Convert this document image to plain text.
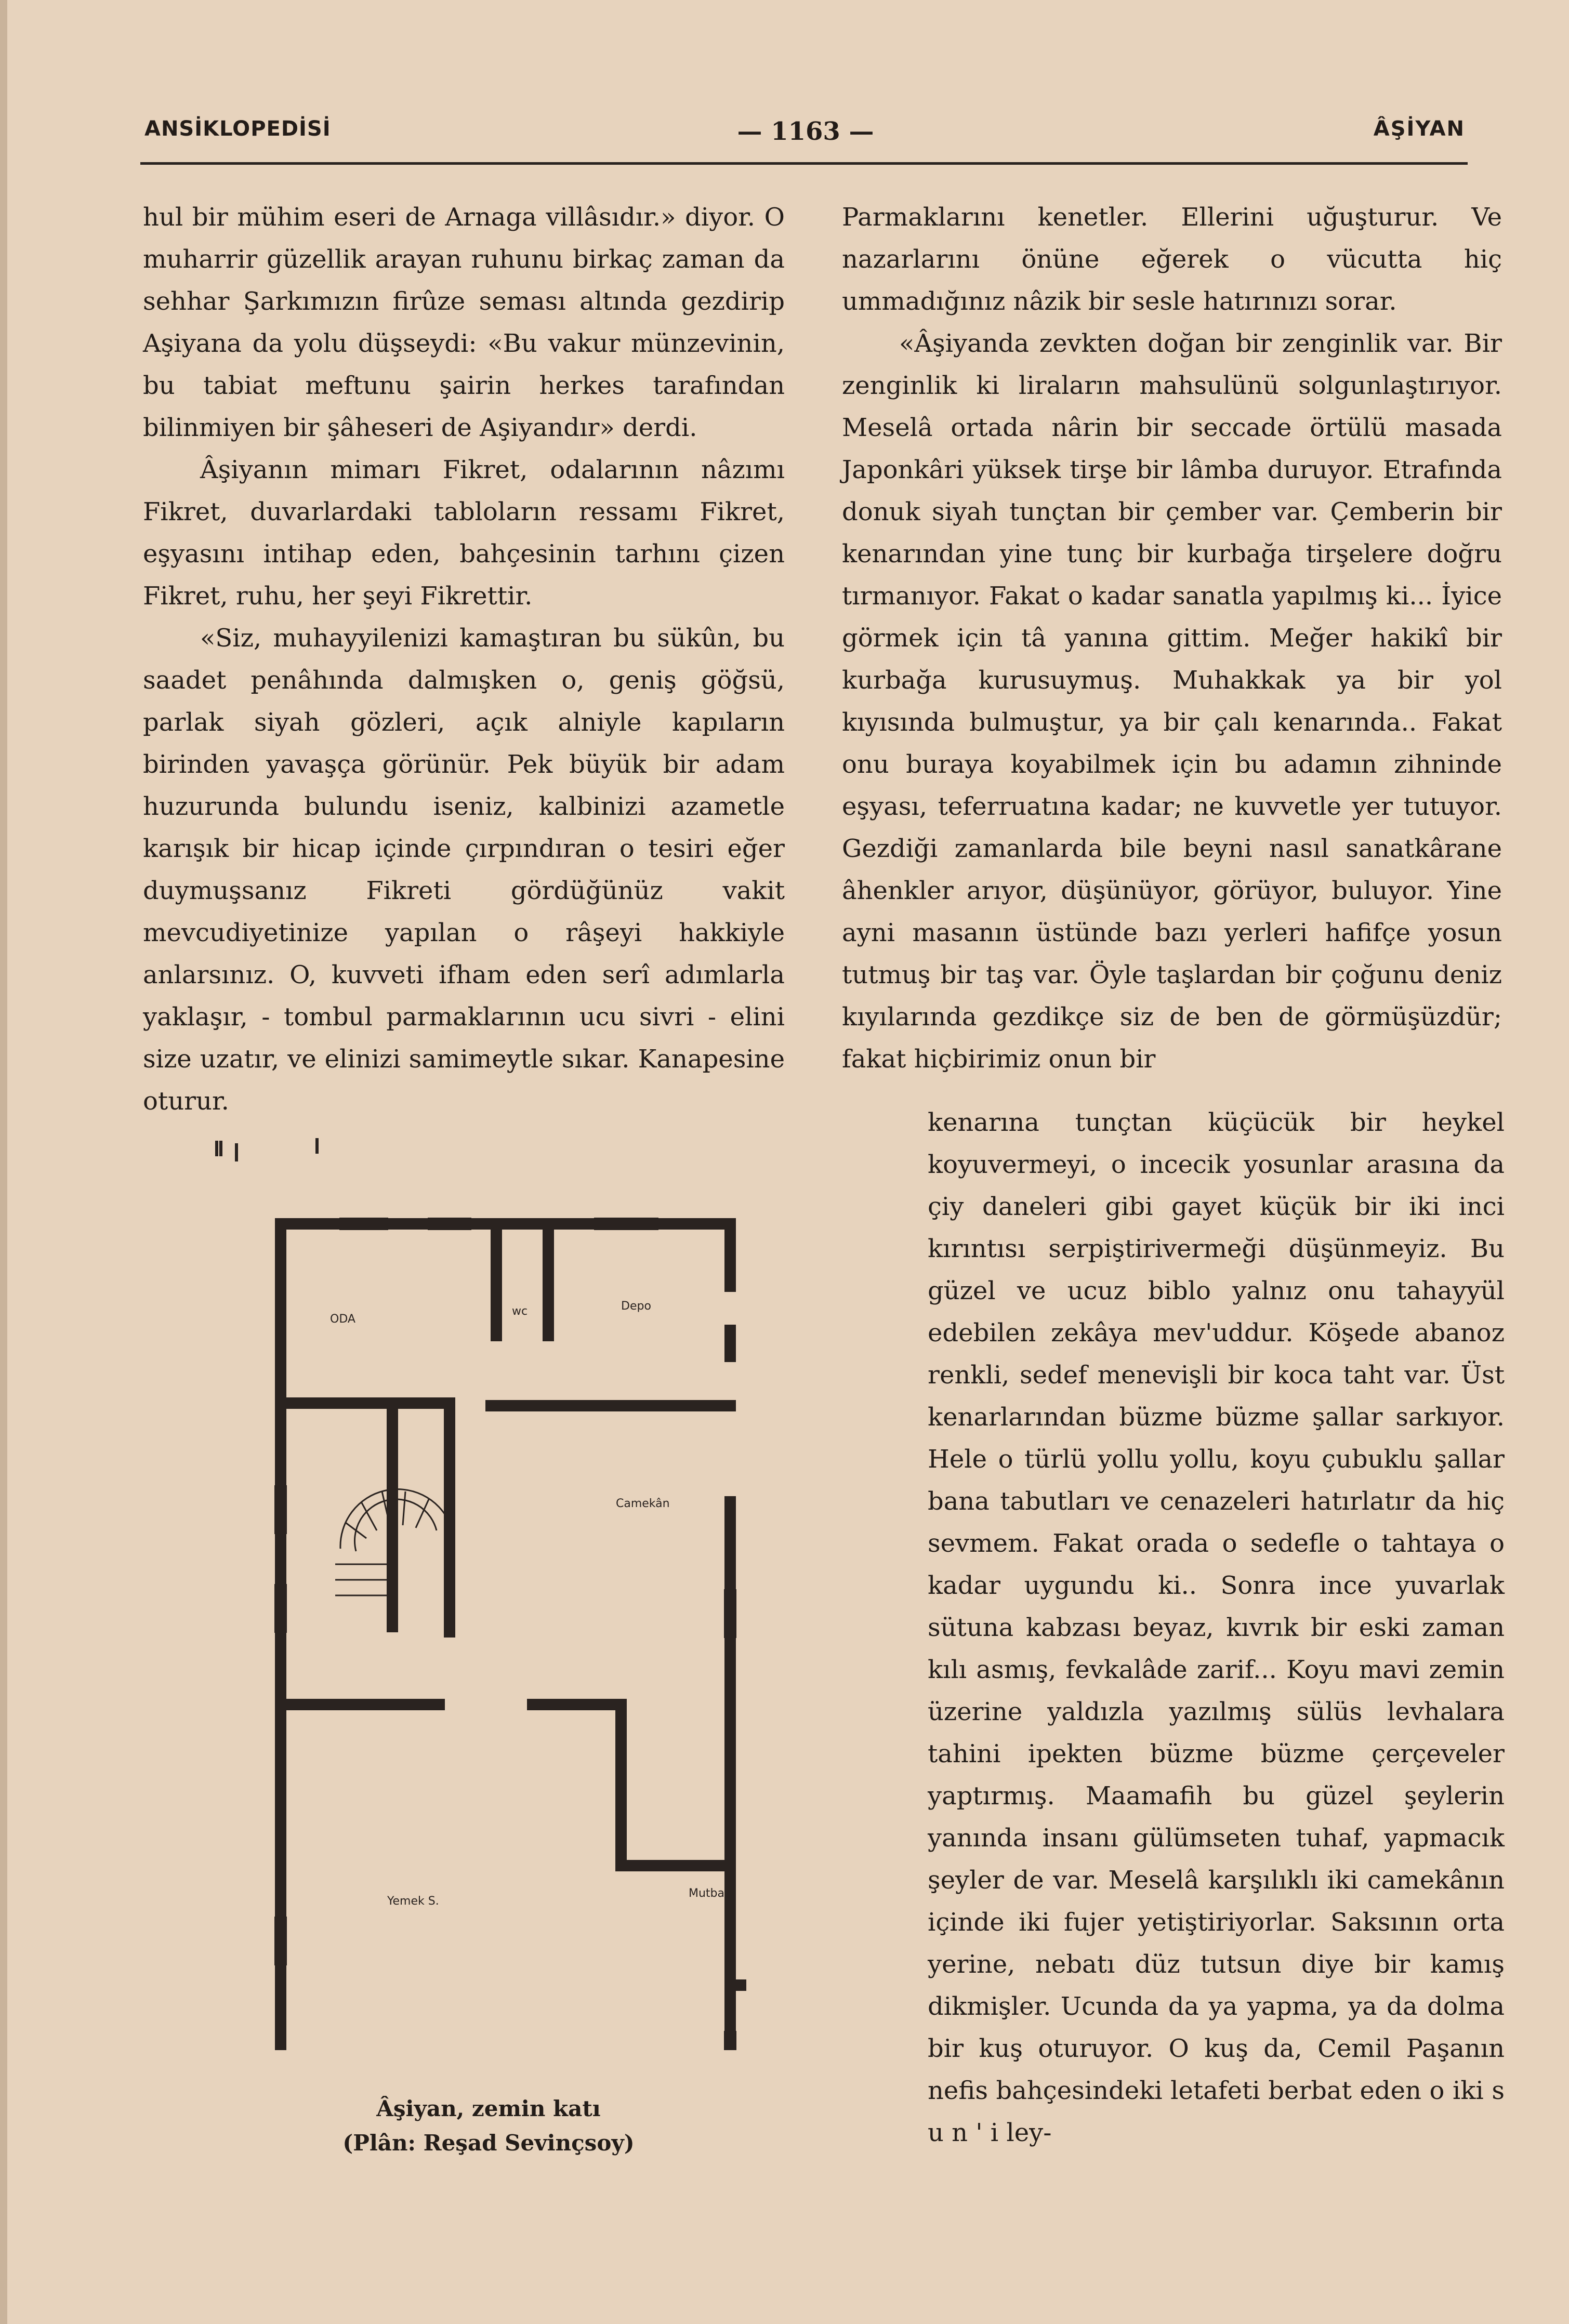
ANSİKLOPEDİSİ	— 1163 —	ÂŞİYAN

hul bir mühim eseri de Arnaga villâsıdır.» diyor. O muharrir güzellik arayan ruhunu birkaç zaman da sehhar Şarkımızın firûze seması altında gezdirip Aşiyana da yolu düşseydi: «Bu vakur münzevinin, bu tabiat meftunu şairin herkes tarafından bilinmiyen bir şâheseri de Aşiyandır» derdi.

Âşiyanın mimarı Fikret, odalarının nâzımı Fikret, duvarlardaki tabloların ressamı Fikret, eşyasını intihap eden, bahçesinin tarhını çizen Fikret, ruhu, her şeyi Fikrettir.

«Siz, muhayyilenizi kamaştıran bu sükûn, bu saadet penâhında dalmışken o, geniş göğsü, parlak siyah gözleri, açık alniyle kapıların birinden yavaşça görünür. Pek büyük bir adam huzurunda bulundu iseniz, kalbinizi azametle karışık bir hicap içinde çırpındıran o tesiri eğer duymuşsanız Fikreti gördüğünüz vakit mevcudiyetinize yapılan o râşeyi hakkiyle anlarsınız. O, kuvveti ifham eden serî adımlarla yaklaşır, - tombul parmaklarının ucu sivri - elini size uzatır, ve elinizi samimeytle sıkar. Kanapesine oturur.

Parmaklarını kenetler. Ellerini uğuşturur. Ve nazarlarını önüne eğerek o vücutta hiç ummadığınız nâzik bir sesle hatırınızı sorar.

«Âşiyanda zevkten doğan bir zenginlik var. Bir zenginlik ki liraların mahsulünü solgunlaştırıyor. Meselâ ortada nârin bir seccade örtülü masada Japonkâri yüksek tirşe bir lâmba duruyor. Etrafında donuk siyah tunçtan bir çember var. Çemberin bir kenarından yine tunç bir kurbağa tirşelere doğru tırmanıyor. Fakat o kadar sanatla yapılmış ki... İyice görmek için tâ yanına gittim. Meğer hakikî bir kurbağa kurusuymuş. Muhakkak ya bir yol kıyısında bulmuştur, ya bir çalı kenarında.. Fakat onu buraya koyabilmek için bu adamın zihninde eşyası, teferruatına kadar; ne kuvvetle yer tutuyor. Gezdiği zamanlarda bile beyni nasıl sanatkârane âhenkler arıyor, düşünüyor, görüyor, buluyor. Yine ayni masanın üstünde bazı yerleri hafifçe yosun tutmuş bir taş var. Öyle taşlardan bir çoğunu deniz kıyılarında gezdikçe siz de ben de görmüşüzdür; fakat hiçbirimiz onun bir

kenarına tunçtan küçücük bir heykel koyuvermeyi, o incecik yosunlar arasına da çiy daneleri gibi gayet küçük bir iki inci kırıntısı serpiştirivermeği düşünmeyiz. Bu güzel ve ucuz biblo yalnız onu tahayyül edebilen zekâya mev'uddur. Köşede abanoz renkli, sedef menevişli bir koca taht var. Üst kenarlarından büzme büzme şallar sarkıyor. Hele o türlü yollu yollu, koyu çubuklu şallar bana tabutları ve cenazeleri hatırlatır da hiç sevmem. Fakat orada o sedefle o tahtaya o kadar uygundu ki.. Sonra ince yuvarlak sütuna kabzası beyaz, kıvrık bir eski zaman kılı asmış, fevkalâde zarif... Koyu mavi zemin üzerine yaldızla yazılmış sülüs levhalara tahini ipekten büzme büzme çerçeveler yaptırmış. Maamafih bu güzel şeylerin yanında insanı gülümseten tuhaf, yapmacık şeyler de var. Meselâ karşılıklı iki camekânın içinde iki fujer yetiştiriyorlar. Saksının orta yerine, nebatı düz tutsun diye bir kamış dikmişler. Ucunda da ya yapma, ya da dolma bir kuş oturuyor. O kuş da, Cemil Paşanın nefis bahçesindeki letafeti berbat eden o iki s u n ' i ley-

ODA
wc	Depo
Camekân
Yemek S.
Mutbah.
Âşiyan, zemin katı
(Plân: Reşad Sevinçsoy)
